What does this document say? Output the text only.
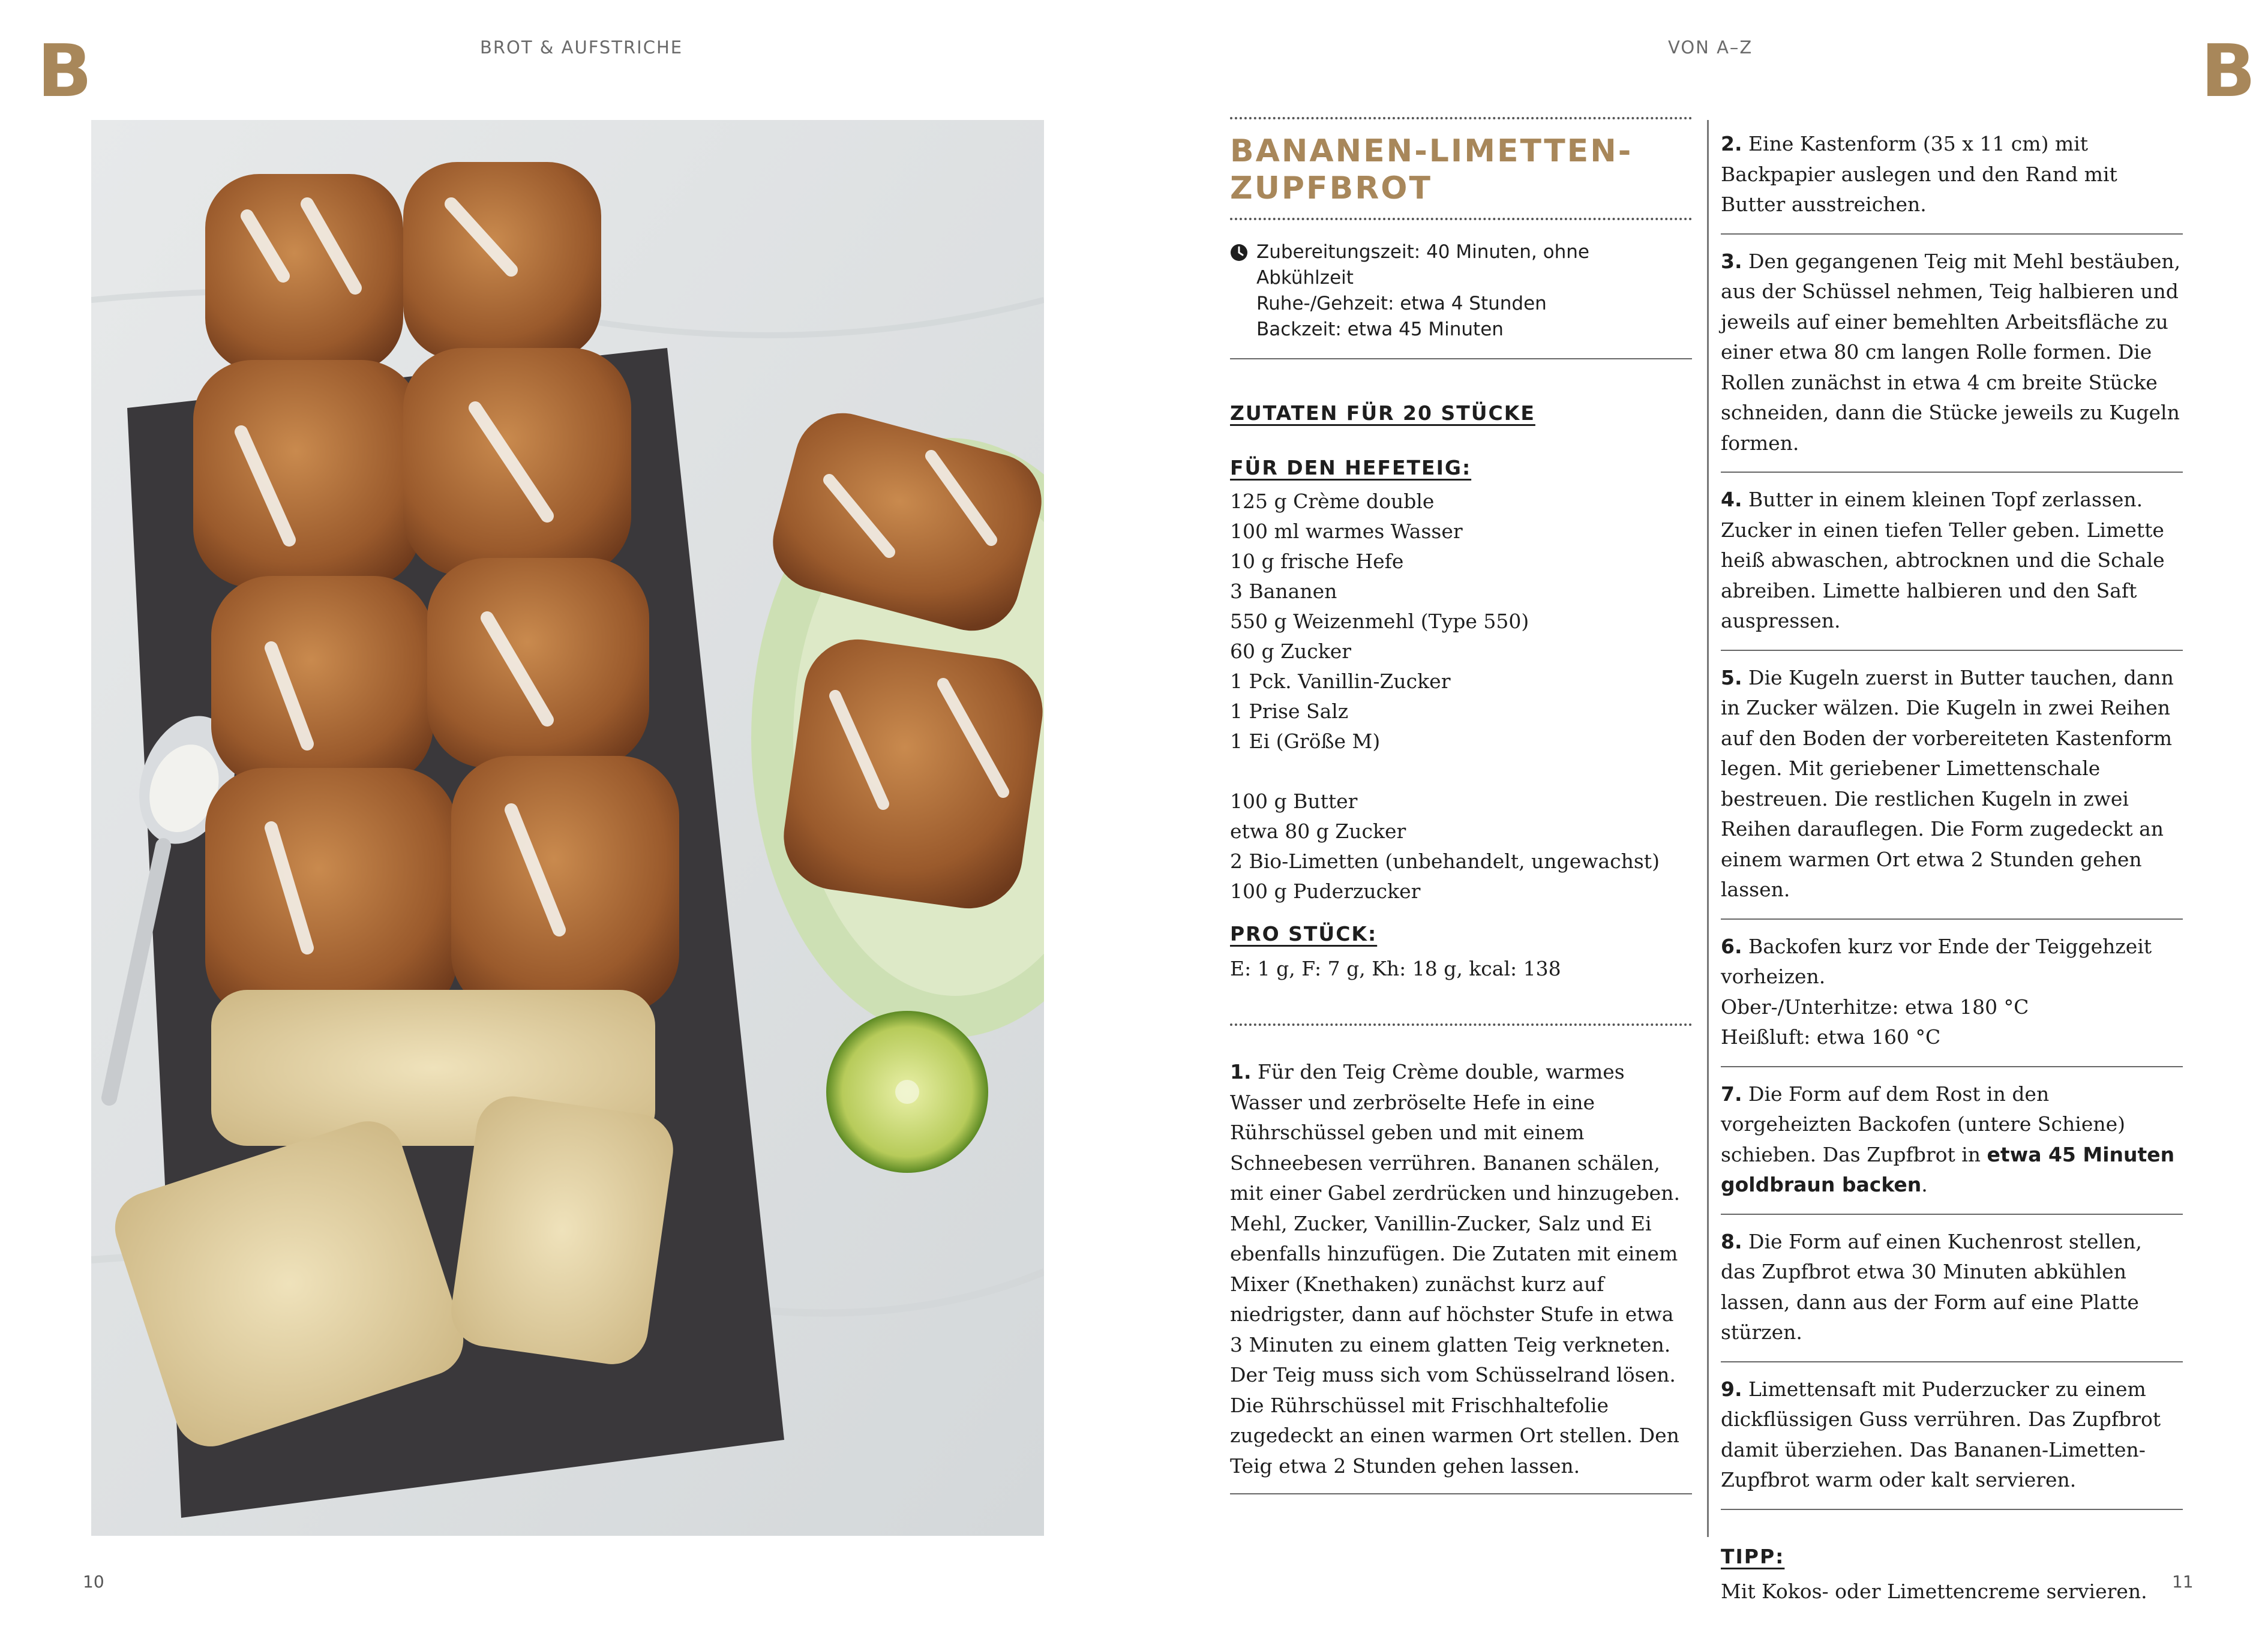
B	B
BROT & AUFSTRICHE	VON A–Z
BANANEN-LIMETTEN-
ZUPFBROT
Zubereitungszeit: 40 Minuten, ohne Abkühlzeit
Ruhe-/Gehzeit: etwa 4 Stunden
Backzeit: etwa 45 Minuten
ZUTATEN FÜR 20 STÜCKE
FÜR DEN HEFETEIG:
125 g Crème double
100 ml warmes Wasser
10 g frische Hefe
3 Bananen
550 g Weizenmehl (Type 550)
60 g Zucker
1 Pck. Vanillin-Zucker
1 Prise Salz
1 Ei (Größe M)
100 g Butter
etwa 80 g Zucker
2 Bio-Limetten (unbehandelt, ungewachst)
100 g Puderzucker
PRO STÜCK:
E: 1 g, F: 7 g, Kh: 18 g, kcal: 138
1. Für den Teig Crème double, warmes Wasser und zerbröselte Hefe in eine Rührschüssel geben und mit einem Schneebesen verrühren. Bananen schälen, mit einer Gabel zerdrücken und hinzugeben. Mehl, Zucker, Vanillin-Zucker, Salz und Ei ebenfalls hinzufügen. Die Zutaten mit einem Mixer (Knethaken) zunächst kurz auf niedrigster, dann auf höchster Stufe in etwa 3 Minuten zu einem glatten Teig verkneten. Der Teig muss sich vom Schüsselrand lösen. Die Rührschüssel mit Frischhaltefolie zugedeckt an einen warmen Ort stellen. Den Teig etwa 2 Stunden gehen lassen.
2. Eine Kastenform (35 x 11 cm) mit Backpapier auslegen und den Rand mit Butter ausstreichen.
3. Den gegangenen Teig mit Mehl bestäuben, aus der Schüssel nehmen, Teig halbieren und jeweils auf einer bemehlten Arbeitsfläche zu einer etwa 80 cm langen Rolle formen. Die Rollen zunächst in etwa 4 cm breite Stücke schneiden, dann die Stücke jeweils zu Kugeln formen.
4. Butter in einem kleinen Topf zerlassen. Zucker in einen tiefen Teller geben. Limette heiß abwaschen, abtrocknen und die Schale abreiben. Limette halbieren und den Saft auspressen.
5. Die Kugeln zuerst in Butter tauchen, dann in Zucker wälzen. Die Kugeln in zwei Reihen auf den Boden der vorbereiteten Kastenform legen. Mit geriebener Limettenschale bestreuen. Die restlichen Kugeln in zwei Reihen darauflegen. Die Form zugedeckt an einem warmen Ort etwa 2 Stunden gehen lassen.
6. Backofen kurz vor Ende der Teiggehzeit vorheizen.
Ober-/Unterhitze: etwa 180 °C
Heißluft: etwa 160 °C
7. Die Form auf dem Rost in den vorgeheizten Backofen (untere Schiene) schieben. Das Zupfbrot in etwa 45 Minuten goldbraun backen.
8. Die Form auf einen Kuchenrost stellen, das Zupfbrot etwa 30 Minuten abkühlen lassen, dann aus der Form auf eine Platte stürzen.
9. Limettensaft mit Puderzucker zu einem dickflüssigen Guss verrühren. Das Zupfbrot damit überziehen. Das Bananen-Limetten-Zupfbrot warm oder kalt servieren.
TIPP:
Mit Kokos- oder Limettencreme servieren.
10	11
